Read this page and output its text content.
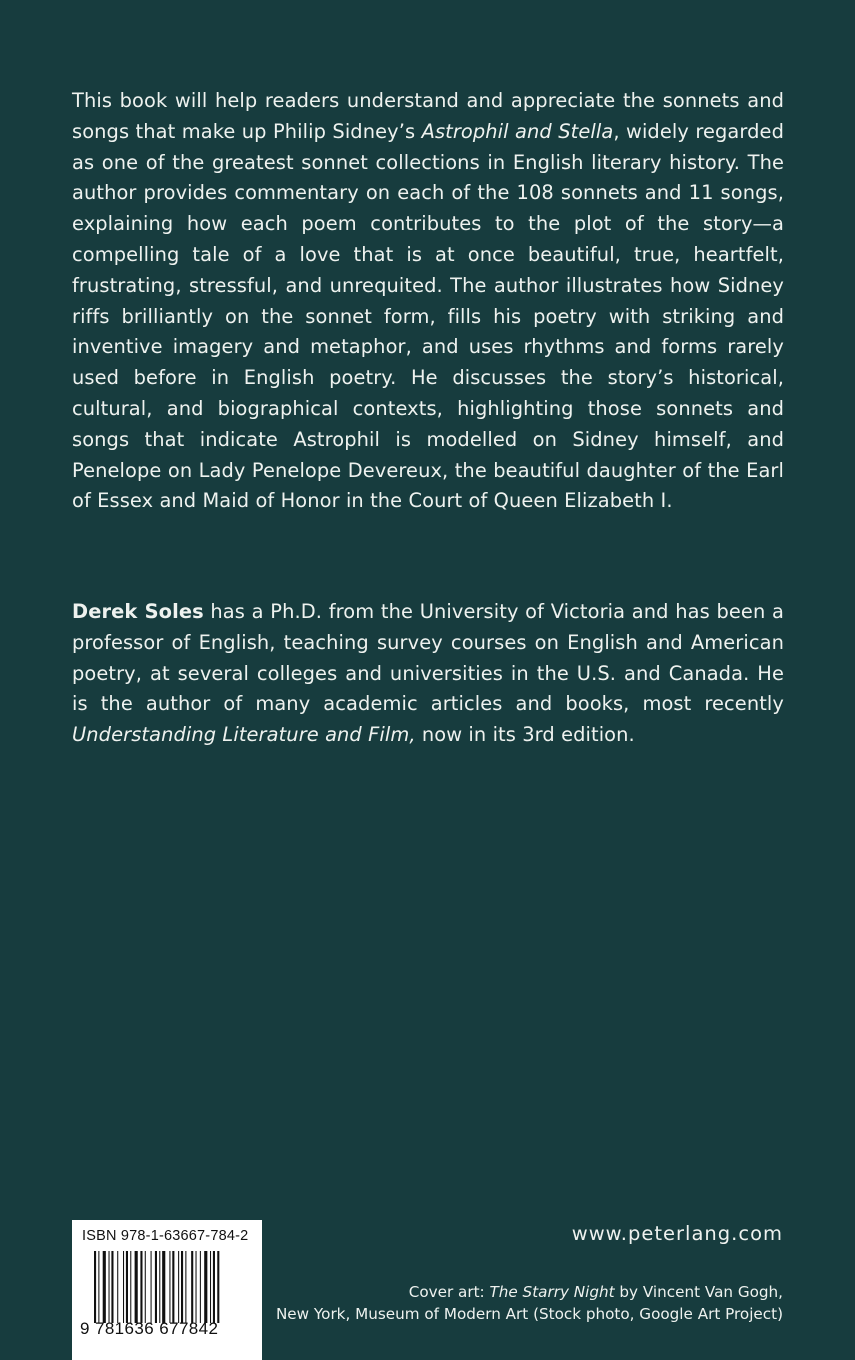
This book will help readers understand and appreciate the sonnets and songs that make up Philip Sidney’s Astrophil and Stella, widely regarded as one of the greatest sonnet collections in English literary history. The author provides commentary on each of the 108 sonnets and 11 songs, explaining how each poem contributes to the plot of the story—a compelling tale of a love that is at once beautiful, true, heartfelt, frustrating, stressful, and unrequited. The author illustrates how Sidney riffs brilliantly on the sonnet form, fills his poetry with striking and inventive imagery and metaphor, and uses rhythms and forms rarely used before in English poetry. He discusses the story’s historical, cultural, and biographical contexts, highlighting those sonnets and songs that indicate Astrophil is modelled on Sidney himself, and Penelope on Lady Penelope Devereux, the beautiful daughter of the Earl of Essex and Maid of Honor in the Court of Queen Elizabeth I.

Derek Soles has a Ph.D. from the University of Victoria and has been a professor of English, teaching survey courses on English and American poetry, at several colleges and universities in the U.S. and Canada. He is the author of many academic articles and books, most recently Understanding Literature and Film, now in its 3rd edition.

ISBN 978-1-63667-784-2
9 781636 677842
www.peterlang.com
Cover art: The Starry Night by Vincent Van Gogh,
New York, Museum of Modern Art (Stock photo, Google Art Project)
